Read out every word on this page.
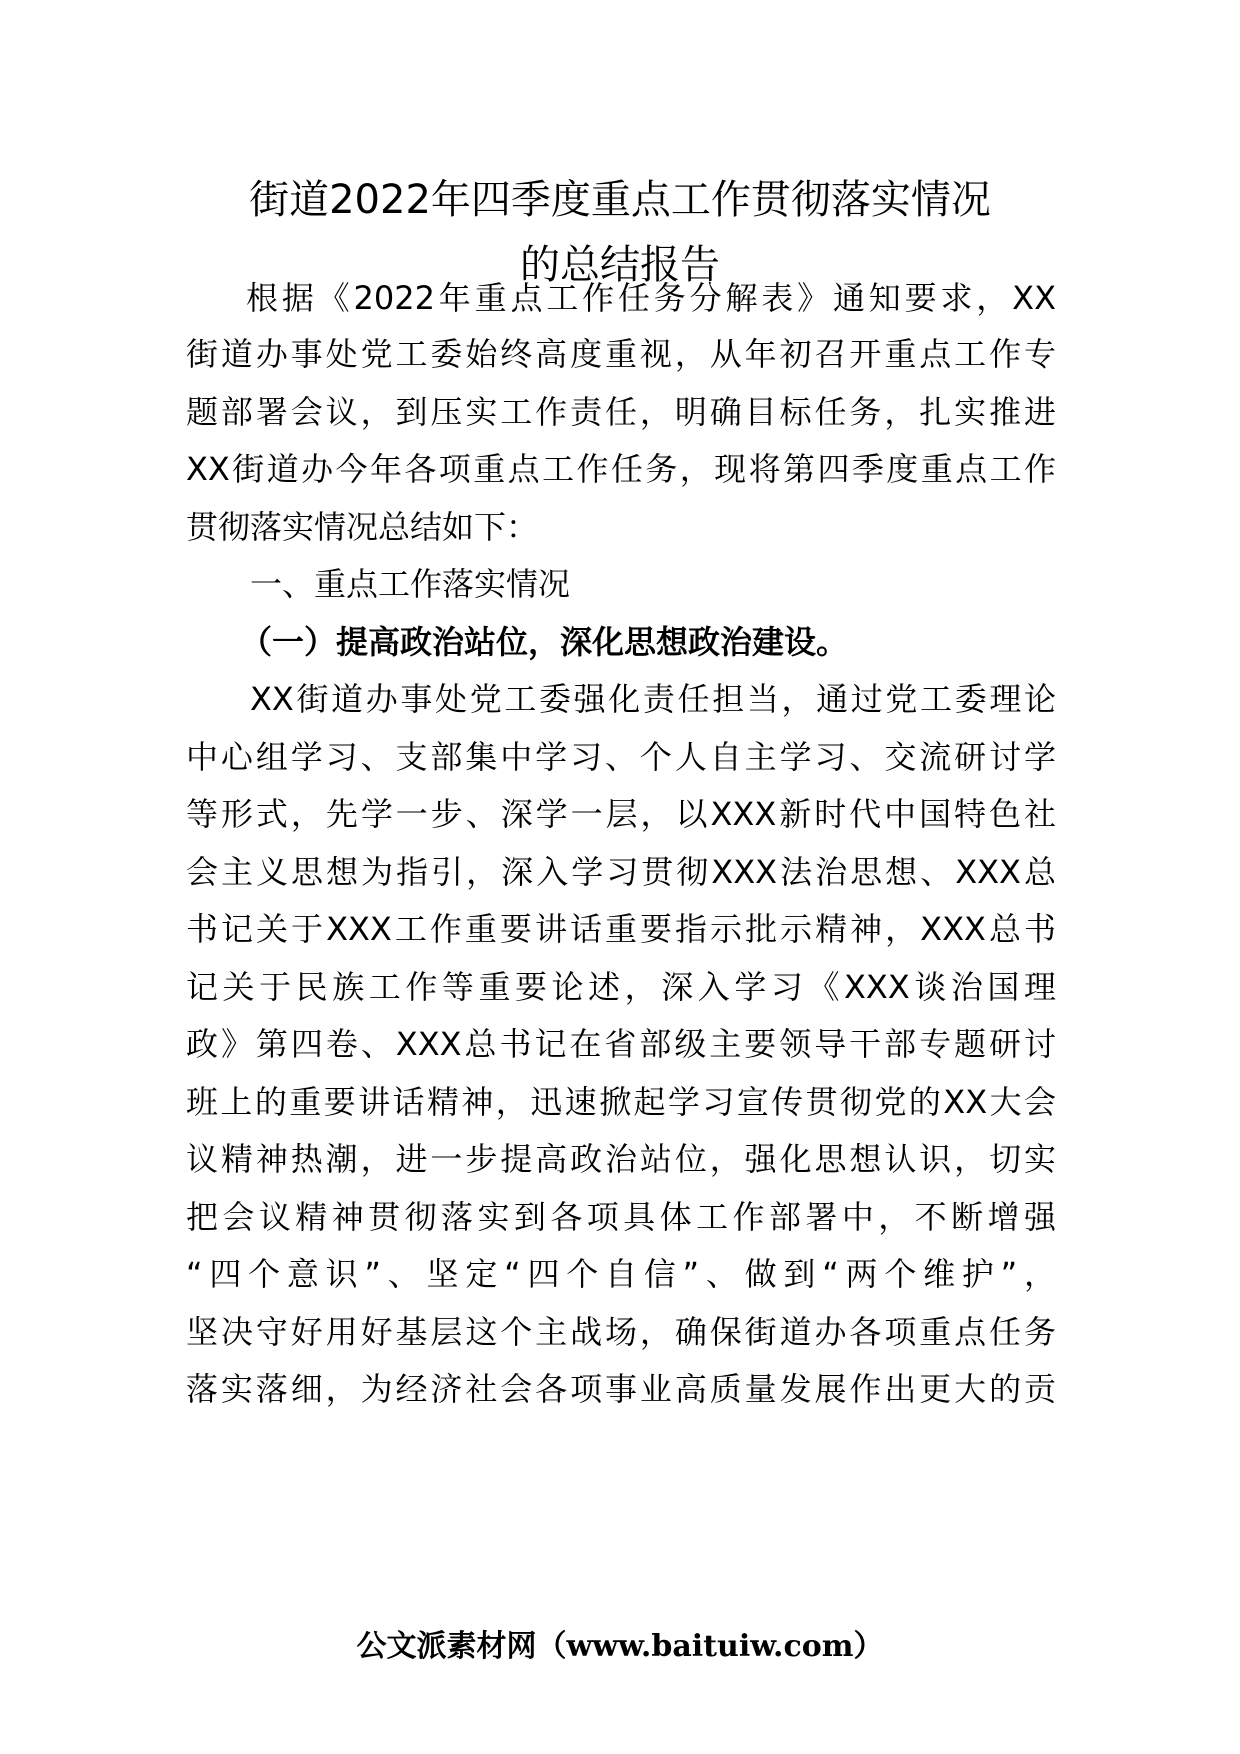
街道2022年四季度重点工作贯彻落实情况
的总结报告
根据《2022年重点工作任务分解表》通知要求，XX
街道办事处党工委始终高度重视，从年初召开重点工作专
题部署会议，到压实工作责任，明确目标任务，扎实推进
XX街道办今年各项重点工作任务，现将第四季度重点工作
贯彻落实情况总结如下：
一、重点工作落实情况
（一）提高政治站位，深化思想政治建设。
XX街道办事处党工委强化责任担当，通过党工委理论
中心组学习、支部集中学习、个人自主学习、交流研讨学
等形式，先学一步、深学一层，以XXX新时代中国特色社
会主义思想为指引，深入学习贯彻XXX法治思想、XXX总
书记关于XXX工作重要讲话重要指示批示精神，XXX总书
记关于民族工作等重要论述，深入学习《XXX谈治国理
政》第四卷、XXX总书记在省部级主要领导干部专题研讨
班上的重要讲话精神，迅速掀起学习宣传贯彻党的XX大会
议精神热潮，进一步提高政治站位，强化思想认识，切实
把会议精神贯彻落实到各项具体工作部署中，不断增强
“四个意识”、坚定“四个自信”、做到“两个维护”，
坚决守好用好基层这个主战场，确保街道办各项重点任务
落实落细，为经济社会各项事业高质量发展作出更大的贡
公文派素材网（www.baituiw.com）
